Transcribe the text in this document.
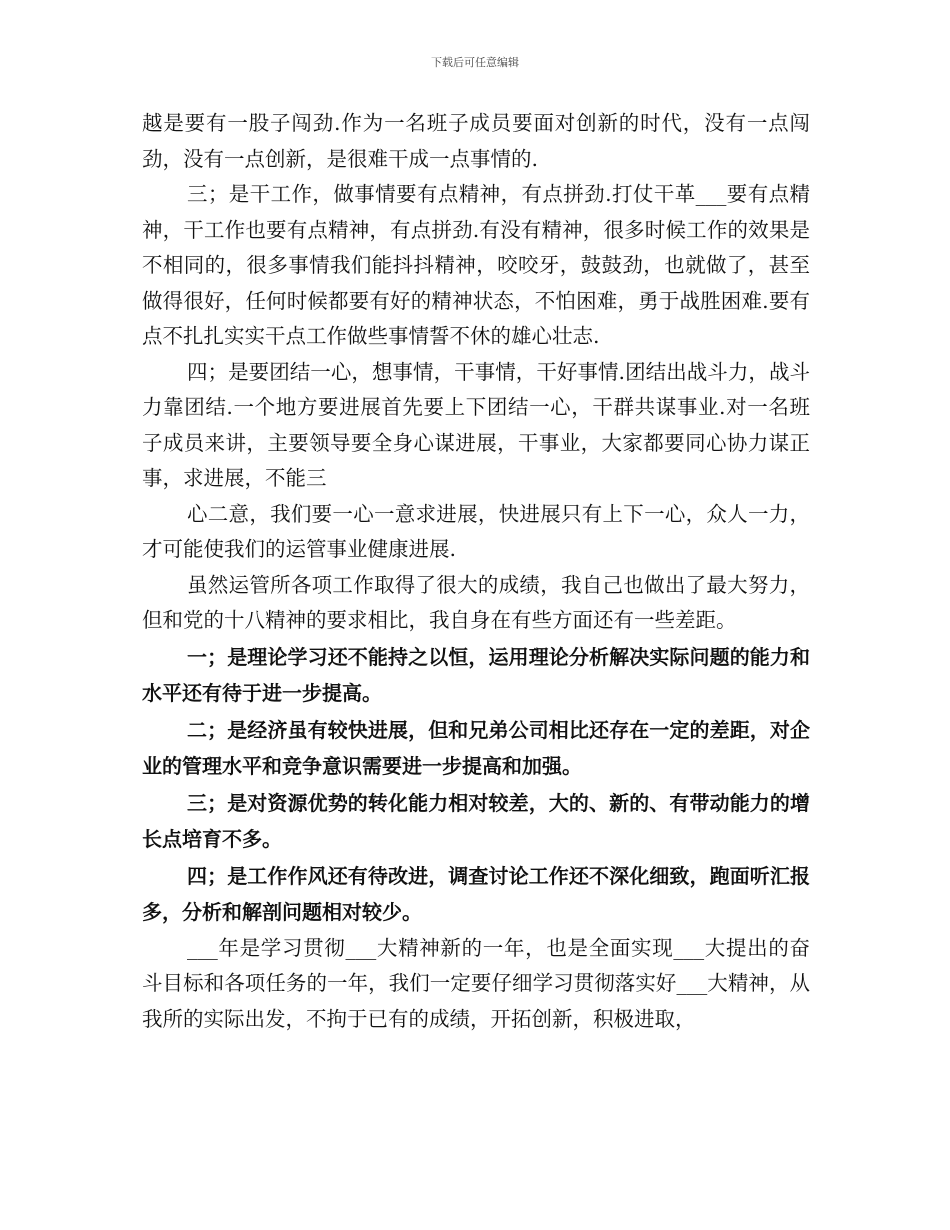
下载后可任意编辑

越是要有一股子闯劲.作为一名班子成员要面对创新的时代，没有一点闯劲，没有一点创新，是很难干成一点事情的.

三；是干工作，做事情要有点精神，有点拼劲.打仗干革___要有点精神，干工作也要有点精神，有点拼劲.有没有精神，很多时候工作的效果是不相同的，很多事情我们能抖抖精神，咬咬牙，鼓鼓劲，也就做了，甚至做得很好，任何时候都要有好的精神状态，不怕困难，勇于战胜困难.要有点不扎扎实实干点工作做些事情誓不休的雄心壮志.

四；是要团结一心，想事情，干事情，干好事情.团结出战斗力，战斗力靠团结.一个地方要进展首先要上下团结一心，干群共谋事业.对一名班子成员来讲，主要领导要全身心谋进展，干事业，大家都要同心协力谋正事，求进展，不能三

心二意，我们要一心一意求进展，快进展只有上下一心，众人一力，才可能使我们的运管事业健康进展.

虽然运管所各项工作取得了很大的成绩，我自己也做出了最大努力，但和党的十八精神的要求相比，我自身在有些方面还有一些差距。

一；是理论学习还不能持之以恒，运用理论分析解决实际问题的能力和水平还有待于进一步提高。

二；是经济虽有较快进展，但和兄弟公司相比还存在一定的差距，对企业的管理水平和竞争意识需要进一步提高和加强。

三；是对资源优势的转化能力相对较差，大的、新的、有带动能力的增长点培育不多。

四；是工作作风还有待改进，调查讨论工作还不深化细致，跑面听汇报多，分析和解剖问题相对较少。

___年是学习贯彻___大精神新的一年，也是全面实现___大提出的奋斗目标和各项任务的一年，我们一定要仔细学习贯彻落实好___大精神，从我所的实际出发，不拘于已有的成绩，开拓创新，积极进取，
